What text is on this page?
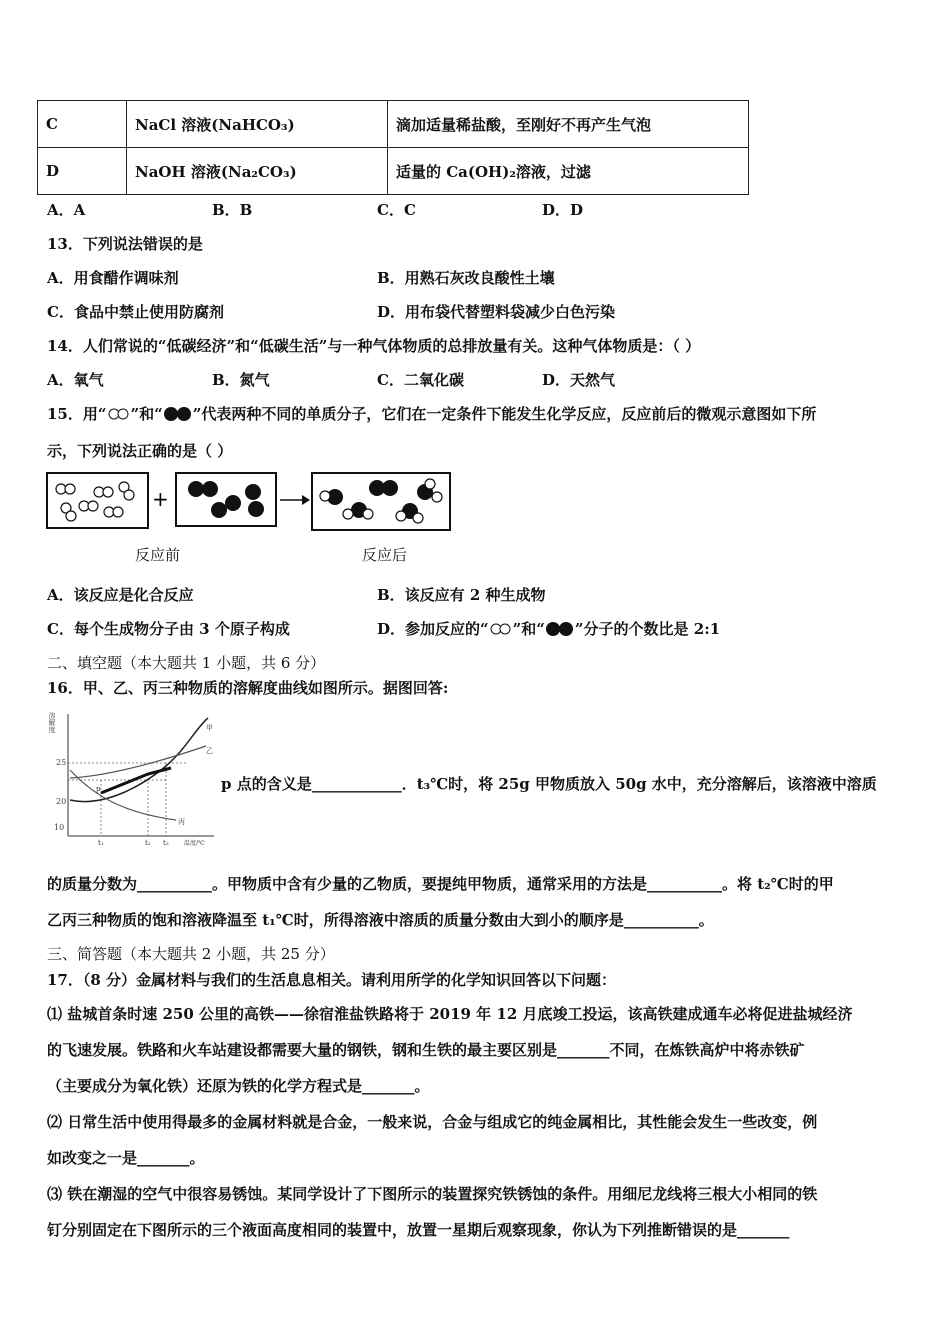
C	NaCl 溶液(NaHCO₃)	滴加适量稀盐酸，至刚好不再产生气泡
D	NaOH 溶液(Na₂CO₃)	适量的 Ca(OH)₂溶液，过滤
A．A	B．B	C．C	D．D
13．下列说法错误的是
A．用食醋作调味剂	B．用熟石灰改良酸性土壤
C．食品中禁止使用防腐剂	D．用布袋代替塑料袋减少白色污染
14．人们常说的“低碳经济”和“低碳生活”与一种气体物质的总排放量有关。这种气体物质是：（ ）
A．氧气	B．氮气	C．二氧化碳	D．天然气
15．用“ ”和“ ”代表两种不同的单质分子，它们在一定条件下能发生化学反应，反应前后的微观示意图如下所
示，下列说法正确的是（ ）
+
反应前	反应后
A．该反应是化合反应	B．该反应有 2 种生成物
C．每个生成物分子由 3 个原子构成	D．参加反应的“ ”和“ ”分子的个数比是 2:1
二、填空题（本大题共 1 小题，共 6 分）
16．甲、乙、丙三种物质的溶解度曲线如图所示。据图回答:
溶解度
25
20
10
甲
乙
丙
p
t₁	t₂ t₃	温度/℃
p 点的含义是____________．t₃℃时，将 25g 甲物质放入 50g 水中，充分溶解后，该溶液中溶质
的质量分数为__________。甲物质中含有少量的乙物质，要提纯甲物质，通常采用的方法是__________。将 t₂℃时的甲
乙丙三种物质的饱和溶液降温至 t₁℃时，所得溶液中溶质的质量分数由大到小的顺序是__________。
三、简答题（本大题共 2 小题，共 25 分）
17．（8 分）金属材料与我们的生活息息相关。请利用所学的化学知识回答以下问题：
⑴ 盐城首条时速 250 公里的高铁——徐宿淮盐铁路将于 2019 年 12 月底竣工投运，该高铁建成通车必将促进盐城经济
的飞速发展。铁路和火车站建设都需要大量的钢铁，钢和生铁的最主要区别是_______不同，在炼铁高炉中将赤铁矿
（主要成分为氧化铁）还原为铁的化学方程式是_______。
⑵ 日常生活中使用得最多的金属材料就是合金，一般来说，合金与组成它的纯金属相比，其性能会发生一些改变，例
如改变之一是_______。
⑶ 铁在潮湿的空气中很容易锈蚀。某同学设计了下图所示的装置探究铁锈蚀的条件。用细尼龙线将三根大小相同的铁
钉分别固定在下图所示的三个液面高度相同的装置中，放置一星期后观察现象，你认为下列推断错误的是_______
